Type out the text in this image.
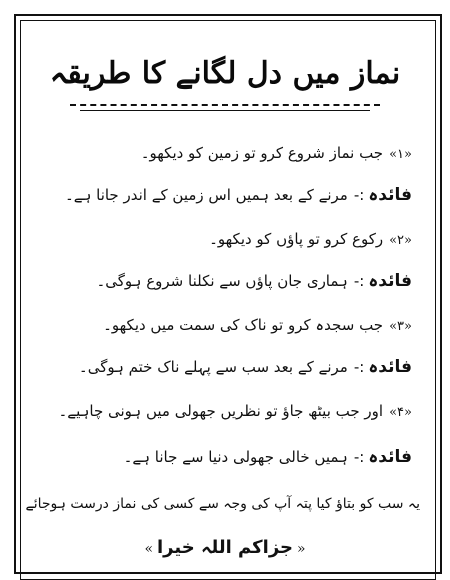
نماز میں دل لگانے کا طریقہ
«۱»جب نماز شروع کرو تو زمین کو دیکھو۔
فائدہ:-مرنے کے بعد ہمیں اس زمین کے اندر جانا ہے۔
«۲»رکوع کرو تو پاؤں کو دیکھو۔
فائدہ:-ہماری جان پاؤں سے نکلنا شروع ہوگی۔
«۳»جب سجدہ کرو تو ناک کی سمت میں دیکھو۔
فائدہ:-مرنے کے بعد سب سے پہلے ناک ختم ہوگی۔
«۴»اور جب بیٹھ جاؤ تو نظریں جھولی میں ہونی چاہیے۔
فائدہ:-ہمیں خالی جھولی دنیا سے جانا ہے۔
یہ سب کو بتاؤ کیا پتہ آپ کی وجہ سے کسی کی نماز درست ہوجائے
«جزاکم اللہ خیرا»
